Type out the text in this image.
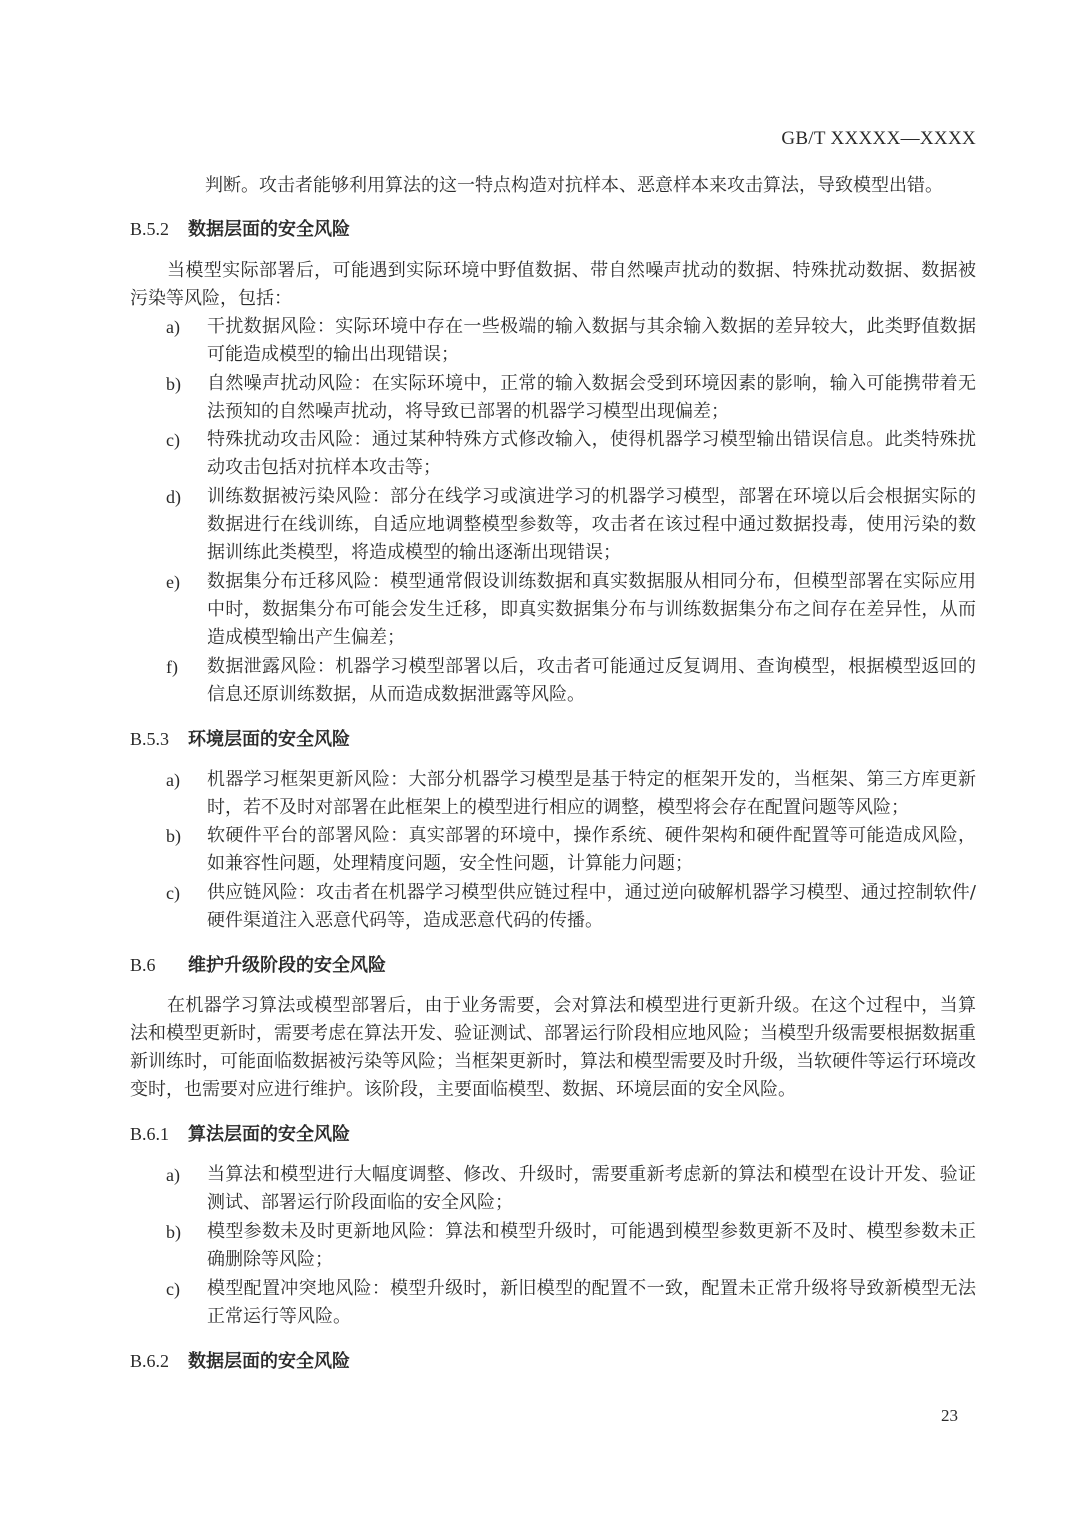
GB/T XXXXX—XXXX

判断。攻击者能够利用算法的这一特点构造对抗样本、恶意样本来攻击算法，导致模型出错。

B.5.2 数据层面的安全风险

当模型实际部署后，可能遇到实际环境中野值数据、带自然噪声扰动的数据、特殊扰动数据、数据被污染等风险，包括：

a)	干扰数据风险：实际环境中存在一些极端的输入数据与其余输入数据的差异较大，此类野值数据可能造成模型的输出出现错误；
b)	自然噪声扰动风险：在实际环境中，正常的输入数据会受到环境因素的影响，输入可能携带着无法预知的自然噪声扰动，将导致已部署的机器学习模型出现偏差；
c)	特殊扰动攻击风险：通过某种特殊方式修改输入，使得机器学习模型输出错误信息。此类特殊扰动攻击包括对抗样本攻击等；
d)	训练数据被污染风险：部分在线学习或演进学习的机器学习模型，部署在环境以后会根据实际的数据进行在线训练，自适应地调整模型参数等，攻击者在该过程中通过数据投毒，使用污染的数据训练此类模型，将造成模型的输出逐渐出现错误；
e)	数据集分布迁移风险：模型通常假设训练数据和真实数据服从相同分布，但模型部署在实际应用中时，数据集分布可能会发生迁移，即真实数据集分布与训练数据集分布之间存在差异性，从而造成模型输出产生偏差；
f)	数据泄露风险：机器学习模型部署以后，攻击者可能通过反复调用、查询模型，根据模型返回的信息还原训练数据，从而造成数据泄露等风险。
B.5.3 环境层面的安全风险
a)	机器学习框架更新风险：大部分机器学习模型是基于特定的框架开发的，当框架、第三方库更新时，若不及时对部署在此框架上的模型进行相应的调整，模型将会存在配置问题等风险；
b)	软硬件平台的部署风险：真实部署的环境中，操作系统、硬件架构和硬件配置等可能造成风险，如兼容性问题，处理精度问题，安全性问题，计算能力问题；
c)	供应链风险：攻击者在机器学习模型供应链过程中，通过逆向破解机器学习模型、通过控制软件/硬件渠道注入恶意代码等，造成恶意代码的传播。
B.6 维护升级阶段的安全风险

在机器学习算法或模型部署后，由于业务需要，会对算法和模型进行更新升级。在这个过程中，当算法和模型更新时，需要考虑在算法开发、验证测试、部署运行阶段相应地风险；当模型升级需要根据数据重新训练时，可能面临数据被污染等风险；当框架更新时，算法和模型需要及时升级，当软硬件等运行环境改变时，也需要对应进行维护。该阶段，主要面临模型、数据、环境层面的安全风险。

B.6.1 算法层面的安全风险
a)	当算法和模型进行大幅度调整、修改、升级时，需要重新考虑新的算法和模型在设计开发、验证测试、部署运行阶段面临的安全风险；
b)	模型参数未及时更新地风险：算法和模型升级时，可能遇到模型参数更新不及时、模型参数未正确删除等风险；
c)	模型配置冲突地风险：模型升级时，新旧模型的配置不一致，配置未正常升级将导致新模型无法正常运行等风险。
B.6.2 数据层面的安全风险
23
